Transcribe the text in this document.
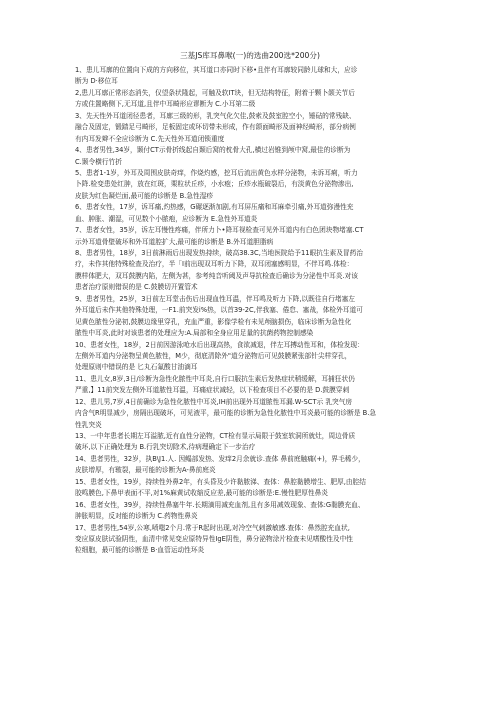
三基JS库耳鼻喉(一)的选曲200选*200分)
1、患儿耳廓的位置向下成的方向移位，其耳道口亦同时下移•且伴有耳廓较同龄儿球和大，应诊
断为 D·移位耳
2,患儿耳廓正常形态消失，仅望条状隆起，可触及软IT块，但无结构特征，附着于颗卜颌关节后
方或住置略侧下,无耳道,且伴中耳畸形应谬断为 C.小耳第二级
3、先天性外耳道闭径患者，耳廓三级的形，乳突气化欠佳,鼓索及鼓室腔空小，锤砧的常残缺、
融合及固定，锻踏足弓畸形，足板固定或环切带未形成，作有颌面畸形及面神经畸形，部分病例
有内耳发辫不全应诊断为 C.先天性外耳道闭锁重度
4、患者男性,34岁，颞付CT示骨折线起自颞后窝的枕骨大孔,横过岩锥到颅中窝,最佳的诊断为
C.颞令横行竹折
5、患者1-1岁，外耳及周围皮肤奇痒，作烧灼感，挖耳后流出黄色水样分泌物，未诉耳痢，听力
卜降.检变患处红肿，放在红斑，栗粒状丘疹，小水疱；丘疹水瓶破裂后，有淡黄色分泌物渗出,
皮肤为红色凝烂面,最可能的诊断是 B.急性湿疹
6、患者女性，17岁，诉耳痛,灼热感，G碾逐渐加剧,有耳屏压痛和耳麻牵引痛,外耳道弥漫性充
血、肿胀、潮湿，可见数个小脓疱，应诊断为 E.急性外耳道炎
7、患者女性，35岁，诉左耳慢性疼痛，伴所力卜•降耳视检查可见外耳道内有白色团块物堵塞.CT
示外耳道骨壁破坏和外耳道腔扩大,最可能的诊断是 B.外耳道胆脂病
8、患者男性，18岁，3日前淋雨后出现发热持续，破高38.3C,当地医院给予11眼抗生素及冒药治
疗，未作其他特殊检查及治疗，半「I前出现双耳听力下降，双耳闭塞感明显，不伴耳鸣.体检：
膜样体肥大，双耳鼓膜内陷，左侧为甚，参考纯音听阈及声导抗检查后确诊为分泌性中耳炎.对该
患者治疗原则错误的是 C.鼓膜切开置管术
9、患者男性，25岁，3日前左耳堂击伤后出现血性耳温，伴耳鸣及听力下降,以既往自行堵塞左
外耳道后未作其他特殊处理，一F1.前突发i%热，以首39-2C,伴我塞、倦怠、塞战，体检外耳道可
见黄色脓性分泌初,鼓膜边缘里穿孔，充血严重，影像学检有未见颅脑损伤，临床诊断为急性化
脓性中耳炎,此时对该患者的处理应为:A.局部和全身应用足量的抗菌药物控制感染
10、患者女性，18岁，2日前因游泳呛水后出现高热，食欲减退，伴左耳搏动性耳和，体检发现：
左侧外耳道内分泌物呈黄色脓性，M少，彻底清除外"道分泌物后可见鼓膜紧张部针尖样穿孔，
处理原则中错误的是 匕丸石氟酸甘油滴耳
11、患儿女,8岁,3日/诊断为急性化脓性中耳炎,自行口服抗生素后发热症状稍缓解，耳捕狂状仍
严重,】11前突发左侧外耳道脓性耳温，耳痛症状减轻，以下检查项目不必要的是 D.鼓膜穿刺
12、患儿男,7岁,4日前确诊为急性化脓性中耳炎,IH前出现外耳道脓性耳漏.W-SCT示 乳突气房
内含气R明显减少，房隔出现破坏，可见液平，最可能的诊断为急性化脓性中耳炎最可能的诊断是 B.急
性乳突炎
13、一中年患者长期左耳溢脓,近有血性分泌物，CT检有显示局限于鼓室软洞所就灶，周边骨质
破坏,以下正确处理为 B.行乳突切除术,待病理确定下一步治疗
14、患者男性，32岁，执B\J1.人. 因鳎部发热、发痒2月余就诊.查体 鼻前庭触痛(+)，界毛稀少，
皮肤增厚，有皲裂，最可能的诊断为A-鼻前庭炎
15、患者女性，19岁，持续性外鼻2年，有头昏及少许黏脓涕、查体：鼻腔黏膜增生、肥厚,由腔结
胶鸣膜色,下鼻甲表面不平,对1%麻黄试收缩反应差,最可能的诊断是:E.慢性肥厚性鼻炎
16、患者女性，39岁，持续性鼻塞牛年.长期滴用减充血剂,且有多用减效现象、查体:G黏膜充血、
肿胀明显，反对能的诊断为 C.药物性鼻炎
17、患者男性,54岁,公寒,喷嗤2个月.常于R起时出现,对冷空气刺激敏感.查体：鼻然腔充血状,
变应原皮肤试验阴性，血清中常见变应原特异性IgE阴性，鼻分泌物涂片检查未见嗜酸性及中性
粒细胞，最可能的诊断是 B·血管运动性环炎
